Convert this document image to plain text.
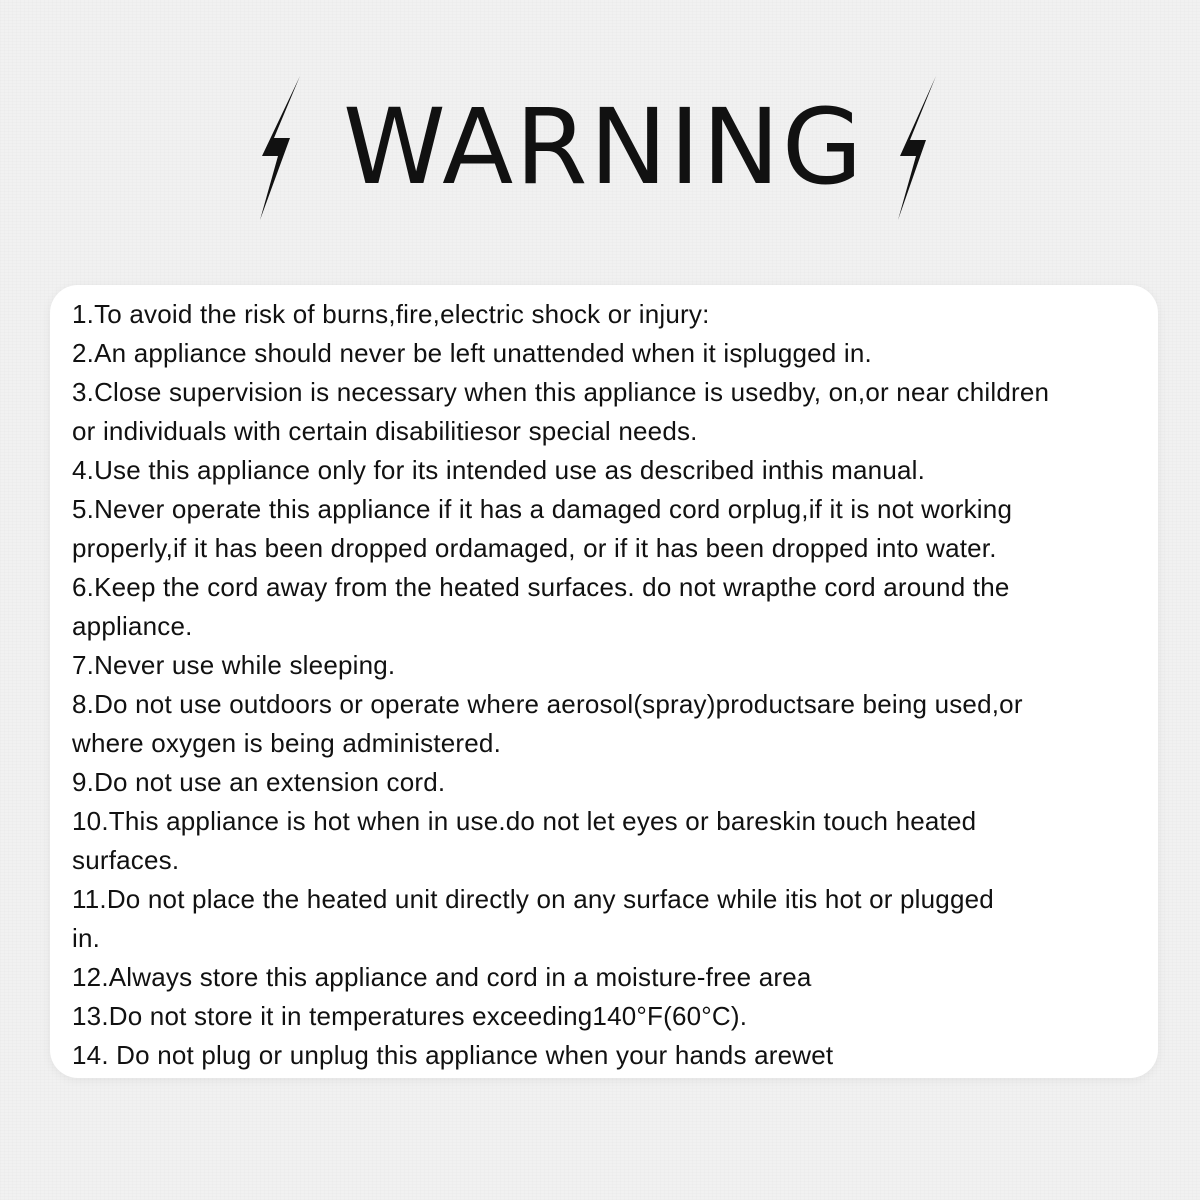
WARNING
1.To avoid the risk of burns,fire,electric shock or injury:
2.An appliance should never be left unattended when it isplugged in.
3.Close supervision is necessary when this appliance is usedby, on,or near children
or individuals with certain disabilitiesor special needs.
4.Use this appliance only for its intended use as described inthis manual.
5.Never operate this appliance if it has a damaged cord orplug,if it is not working
properly,if it has been dropped ordamaged, or if it has been dropped into water.
6.Keep the cord away from the heated surfaces. do not wrapthe cord around the
appliance.
7.Never use while sleeping.
8.Do not use outdoors or operate where aerosol(spray)productsare being used,or
where oxygen is being administered.
9.Do not use an extension cord.
10.This appliance is hot when in use.do not let eyes or bareskin touch heated
surfaces.
11.Do not place the heated unit directly on any surface while itis hot or plugged
in.
12.Always store this appliance and cord in a moisture-free area
13.Do not store it in temperatures exceeding140°F(60°C).
14. Do not plug or unplug this appliance when your hands arewet
